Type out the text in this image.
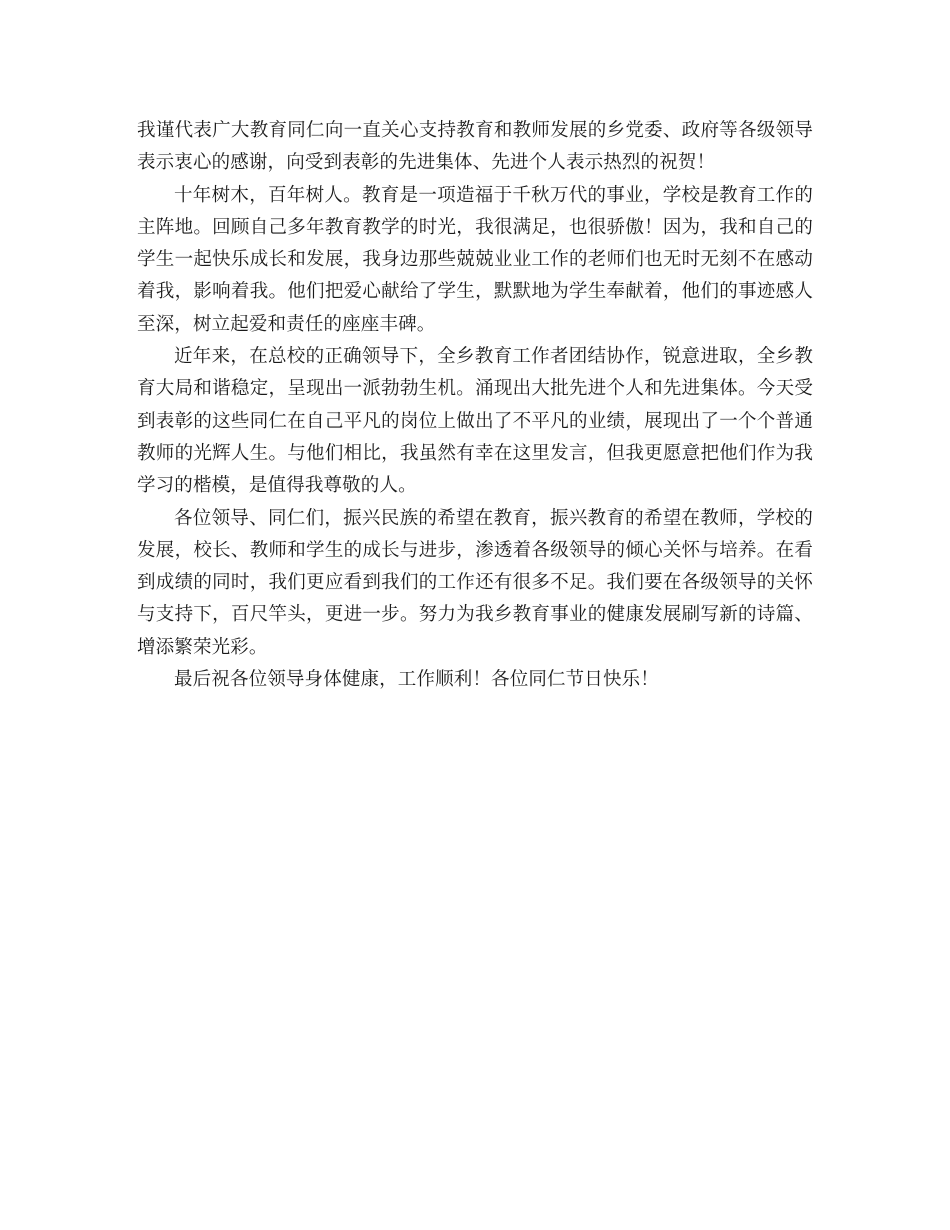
我谨代表广大教育同仁向一直关心支持教育和教师发展的乡党委、政府等各级领导表示衷心的感谢，向受到表彰的先进集体、先进个人表示热烈的祝贺！

十年树木，百年树人。教育是一项造福于千秋万代的事业，学校是教育工作的主阵地。回顾自己多年教育教学的时光，我很满足，也很骄傲！因为，我和自己的学生一起快乐成长和发展，我身边那些兢兢业业工作的老师们也无时无刻不在感动着我，影响着我。他们把爱心献给了学生，默默地为学生奉献着，他们的事迹感人至深，树立起爱和责任的座座丰碑。

近年来，在总校的正确领导下，全乡教育工作者团结协作，锐意进取，全乡教育大局和谐稳定，呈现出一派勃勃生机。涌现出大批先进个人和先进集体。今天受到表彰的这些同仁在自己平凡的岗位上做出了不平凡的业绩，展现出了一个个普通教师的光辉人生。与他们相比，我虽然有幸在这里发言，但我更愿意把他们作为我学习的楷模，是值得我尊敬的人。

各位领导、同仁们，振兴民族的希望在教育，振兴教育的希望在教师，学校的发展，校长、教师和学生的成长与进步，渗透着各级领导的倾心关怀与培养。在看到成绩的同时，我们更应看到我们的工作还有很多不足。我们要在各级领导的关怀与支持下，百尺竿头，更进一步。努力为我乡教育事业的健康发展刷写新的诗篇、增添繁荣光彩。

最后祝各位领导身体健康，工作顺利！各位同仁节日快乐！
